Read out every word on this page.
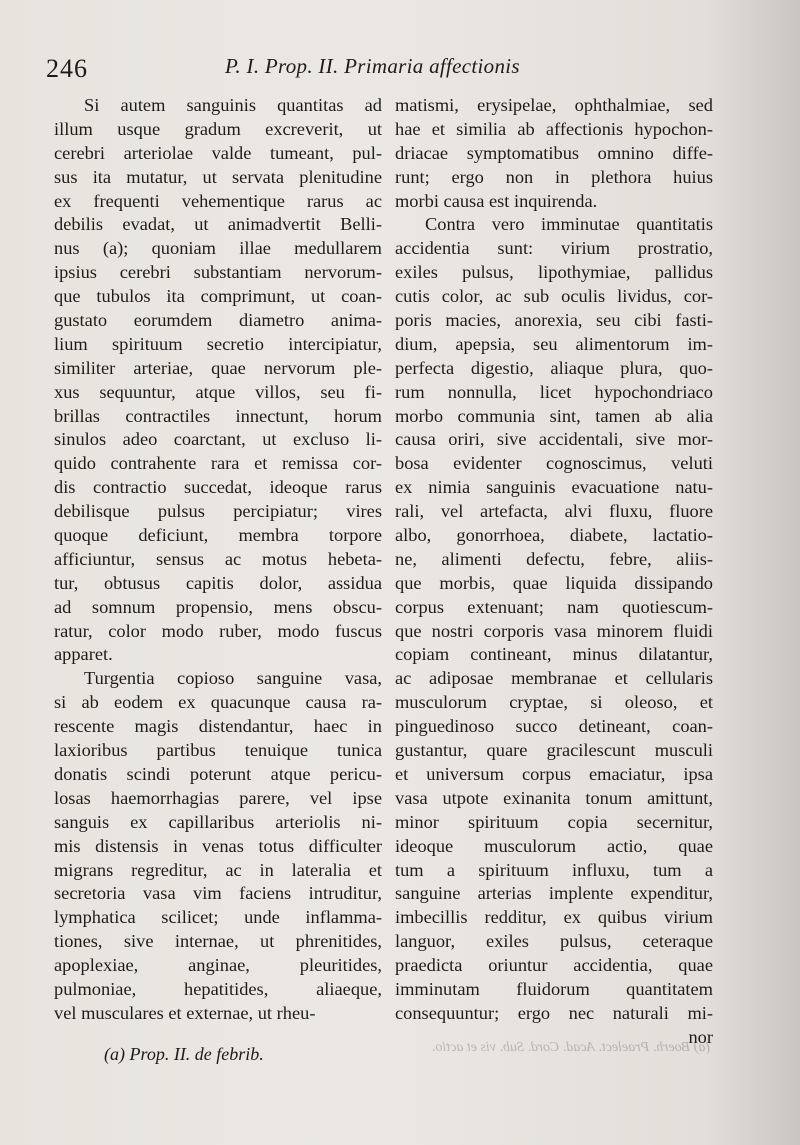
246	P. I. Prop. II. Primaria affectionis
Si autem sanguinis quantitas ad
illum usque gradum excreverit, ut
cerebri arteriolae valde tumeant, pul-
sus ita mutatur, ut servata plenitudine
ex frequenti vehementique rarus ac
debilis evadat, ut animadvertit Belli-
nus (a); quoniam illae medullarem
ipsius cerebri substantiam nervorum-
que tubulos ita comprimunt, ut coan-
gustato eorumdem diametro anima-
lium spirituum secretio intercipiatur,
similiter arteriae, quae nervorum ple-
xus sequuntur, atque villos, seu fi-
brillas contractiles innectunt, horum
sinulos adeo coarctant, ut excluso li-
quido contrahente rara et remissa cor-
dis contractio succedat, ideoque rarus
debilisque pulsus percipiatur; vires
quoque deficiunt, membra torpore
afficiuntur, sensus ac motus hebeta-
tur, obtusus capitis dolor, assidua
ad somnum propensio, mens obscu-
ratur, color modo ruber, modo fuscus
apparet.
Turgentia copioso sanguine vasa,
si ab eodem ex quacunque causa ra-
rescente magis distendantur, haec in
laxioribus partibus tenuique tunica
donatis scindi poterunt atque pericu-
losas haemorrhagias parere, vel ipse
sanguis ex capillaribus arteriolis ni-
mis distensis in venas totus difficulter
migrans regreditur, ac in lateralia et
secretoria vasa vim faciens intruditur,
lymphatica scilicet; unde inflamma-
tiones, sive internae, ut phrenitides,
apoplexiae, anginae, pleuritides,
pulmoniae, hepatitides, aliaeque,
vel musculares et externae, ut rheu-
matismi, erysipelae, ophthalmiae, sed
hae et similia ab affectionis hypochon-
driacae symptomatibus omnino diffe-
runt; ergo non in plethora huius
morbi causa est inquirenda.
Contra vero imminutae quantitatis
accidentia sunt: virium prostratio,
exiles pulsus, lipothymiae, pallidus
cutis color, ac sub oculis lividus, cor-
poris macies, anorexia, seu cibi fasti-
dium, apepsia, seu alimentorum im-
perfecta digestio, aliaque plura, quo-
rum nonnulla, licet hypochondriaco
morbo communia sint, tamen ab alia
causa oriri, sive accidentali, sive mor-
bosa evidenter cognoscimus, veluti
ex nimia sanguinis evacuatione natu-
rali, vel artefacta, alvi fluxu, fluore
albo, gonorrhoea, diabete, lactatio-
ne, alimenti defectu, febre, aliis-
que morbis, quae liquida dissipando
corpus extenuant; nam quotiescum-
que nostri corporis vasa minorem fluidi
copiam contineant, minus dilatantur,
ac adiposae membranae et cellularis
musculorum cryptae, si oleoso, et
pinguedinoso succo detineant, coan-
gustantur, quare gracilescunt musculi
et universum corpus emaciatur, ipsa
vasa utpote exinanita tonum amittunt,
minor spirituum copia secernitur,
ideoque musculorum actio, quae
tum a spirituum influxu, tum a
sanguine arterias implente expenditur,
imbecillis redditur, ex quibus virium
languor, exiles pulsus, ceteraque
praedicta oriuntur accidentia, quae
imminutam fluidorum quantitatem
consequuntur; ergo nec naturali mi-
nor
(a) Boerh. Praelect. Acad. Cord. Sub. vis et actio.
(a) Prop. II. de febrib.
